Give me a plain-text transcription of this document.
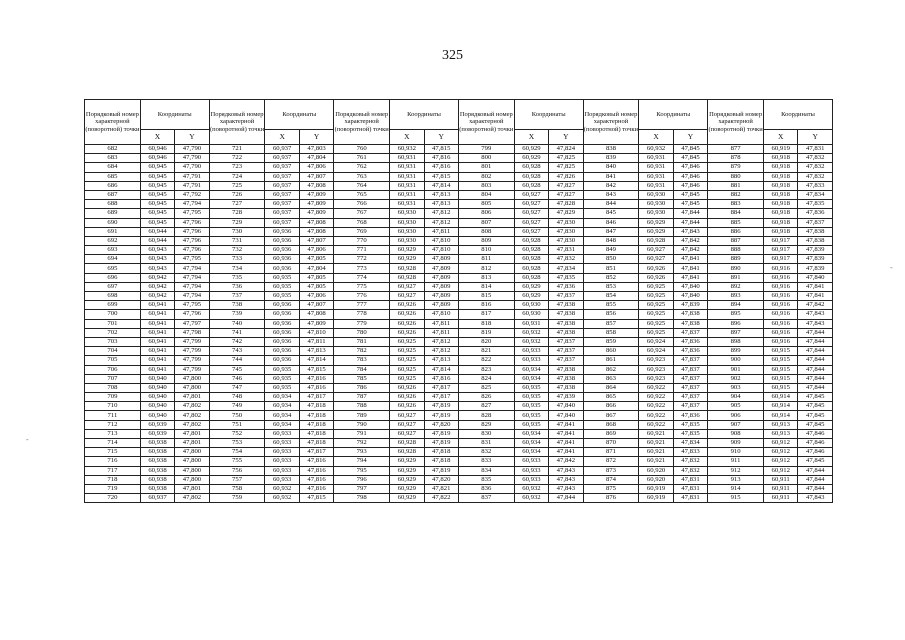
325
-
-
Порядковый номер характерной (поворотной) точки	Координаты		Порядковый номер характерной (поворотной) точки	Координаты		Порядковый номер характерной (поворотной) точки	Координаты		Порядковый номер характерной (поворотной) точки	Координаты		Порядковый номер характерной (поворотной) точки	Координаты		Порядковый номер характерной (поворотной) точки	Координаты	
	X	Y		X	Y		X	Y		X	Y		X	Y		X	Y
682	60,946	47,790	721	60,937	47,803	760	60,932	47,815	799	60,929	47,824	838	60,932	47,845	877	60,919	47,831
683	60,946	47,790	722	60,937	47,804	761	60,931	47,816	800	60,929	47,825	839	60,931	47,845	878	60,918	47,832
684	60,945	47,790	723	60,937	47,806	762	60,931	47,816	801	60,928	47,825	840	60,931	47,846	879	60,918	47,832
685	60,945	47,791	724	60,937	47,807	763	60,931	47,815	802	60,928	47,826	841	60,931	47,846	880	60,918	47,832
686	60,945	47,791	725	60,937	47,808	764	60,931	47,814	803	60,928	47,827	842	60,931	47,846	881	60,918	47,833
687	60,945	47,792	726	60,937	47,809	765	60,931	47,813	804	60,927	47,827	843	60,930	47,845	882	60,918	47,834
688	60,945	47,794	727	60,937	47,809	766	60,931	47,813	805	60,927	47,828	844	60,930	47,845	883	60,918	47,835
689	60,945	47,795	728	60,937	47,809	767	60,930	47,812	806	60,927	47,829	845	60,930	47,844	884	60,918	47,836
690	60,945	47,796	729	60,937	47,808	768	60,930	47,812	807	60,927	47,830	846	60,929	47,844	885	60,918	47,837
691	60,944	47,796	730	60,936	47,808	769	60,930	47,811	808	60,927	47,830	847	60,929	47,843	886	60,918	47,838
692	60,944	47,796	731	60,936	47,807	770	60,930	47,810	809	60,928	47,830	848	60,928	47,842	887	60,917	47,838
693	60,943	47,796	732	60,936	47,806	771	60,929	47,810	810	60,928	47,831	849	60,927	47,842	888	60,917	47,839
694	60,943	47,795	733	60,936	47,805	772	60,929	47,809	811	60,928	47,832	850	60,927	47,841	889	60,917	47,839
695	60,943	47,794	734	60,936	47,804	773	60,928	47,809	812	60,928	47,834	851	60,926	47,841	890	60,916	47,839
696	60,942	47,794	735	60,935	47,805	774	60,928	47,809	813	60,928	47,835	852	60,926	47,841	891	60,916	47,840
697	60,942	47,794	736	60,935	47,805	775	60,927	47,809	814	60,929	47,836	853	60,925	47,840	892	60,916	47,841
698	60,942	47,794	737	60,935	47,806	776	60,927	47,809	815	60,929	47,837	854	60,925	47,840	893	60,916	47,841
699	60,941	47,795	738	60,936	47,807	777	60,926	47,809	816	60,930	47,838	855	60,925	47,839	894	60,916	47,842
700	60,941	47,796	739	60,936	47,808	778	60,926	47,810	817	60,930	47,838	856	60,925	47,838	895	60,916	47,843
701	60,941	47,797	740	60,936	47,809	779	60,926	47,811	818	60,931	47,838	857	60,925	47,838	896	60,916	47,843
702	60,941	47,798	741	60,936	47,810	780	60,926	47,811	819	60,932	47,838	858	60,925	47,837	897	60,916	47,844
703	60,941	47,799	742	60,936	47,811	781	60,925	47,812	820	60,932	47,837	859	60,924	47,836	898	60,916	47,844
704	60,941	47,799	743	60,936	47,813	782	60,925	47,812	821	60,933	47,837	860	60,924	47,836	899	60,915	47,844
705	60,941	47,799	744	60,936	47,814	783	60,925	47,813	822	60,933	47,837	861	60,923	47,837	900	60,915	47,844
706	60,941	47,799	745	60,935	47,815	784	60,925	47,814	823	60,934	47,838	862	60,923	47,837	901	60,915	47,844
707	60,940	47,800	746	60,935	47,816	785	60,925	47,816	824	60,934	47,838	863	60,923	47,837	902	60,915	47,844
708	60,940	47,800	747	60,935	47,816	786	60,926	47,817	825	60,935	47,838	864	60,922	47,837	903	60,915	47,844
709	60,940	47,801	748	60,934	47,817	787	60,926	47,817	826	60,935	47,839	865	60,922	47,837	904	60,914	47,845
710	60,940	47,802	749	60,934	47,818	788	60,926	47,819	827	60,935	47,840	866	60,922	47,837	905	60,914	47,845
711	60,940	47,802	750	60,934	47,818	789	60,927	47,819	828	60,935	47,840	867	60,922	47,836	906	60,914	47,845
712	60,939	47,802	751	60,934	47,818	790	60,927	47,820	829	60,935	47,841	868	60,922	47,835	907	60,913	47,845
713	60,939	47,801	752	60,933	47,818	791	60,927	47,819	830	60,934	47,841	869	60,921	47,835	908	60,913	47,846
714	60,938	47,801	753	60,933	47,818	792	60,928	47,819	831	60,934	47,841	870	60,921	47,834	909	60,912	47,846
715	60,938	47,800	754	60,933	47,817	793	60,928	47,818	832	60,934	47,841	871	60,921	47,833	910	60,912	47,846
716	60,938	47,800	755	60,933	47,816	794	60,929	47,818	833	60,933	47,842	872	60,921	47,832	911	60,912	47,845
717	60,938	47,800	756	60,933	47,816	795	60,929	47,819	834	60,933	47,843	873	60,920	47,832	912	60,912	47,844
718	60,938	47,800	757	60,933	47,816	796	60,929	47,820	835	60,933	47,843	874	60,920	47,831	913	60,911	47,844
719	60,938	47,801	758	60,932	47,816	797	60,929	47,821	836	60,932	47,843	875	60,919	47,831	914	60,911	47,844
720	60,937	47,802	759	60,932	47,815	798	60,929	47,822	837	60,932	47,844	876	60,919	47,831	915	60,911	47,843
